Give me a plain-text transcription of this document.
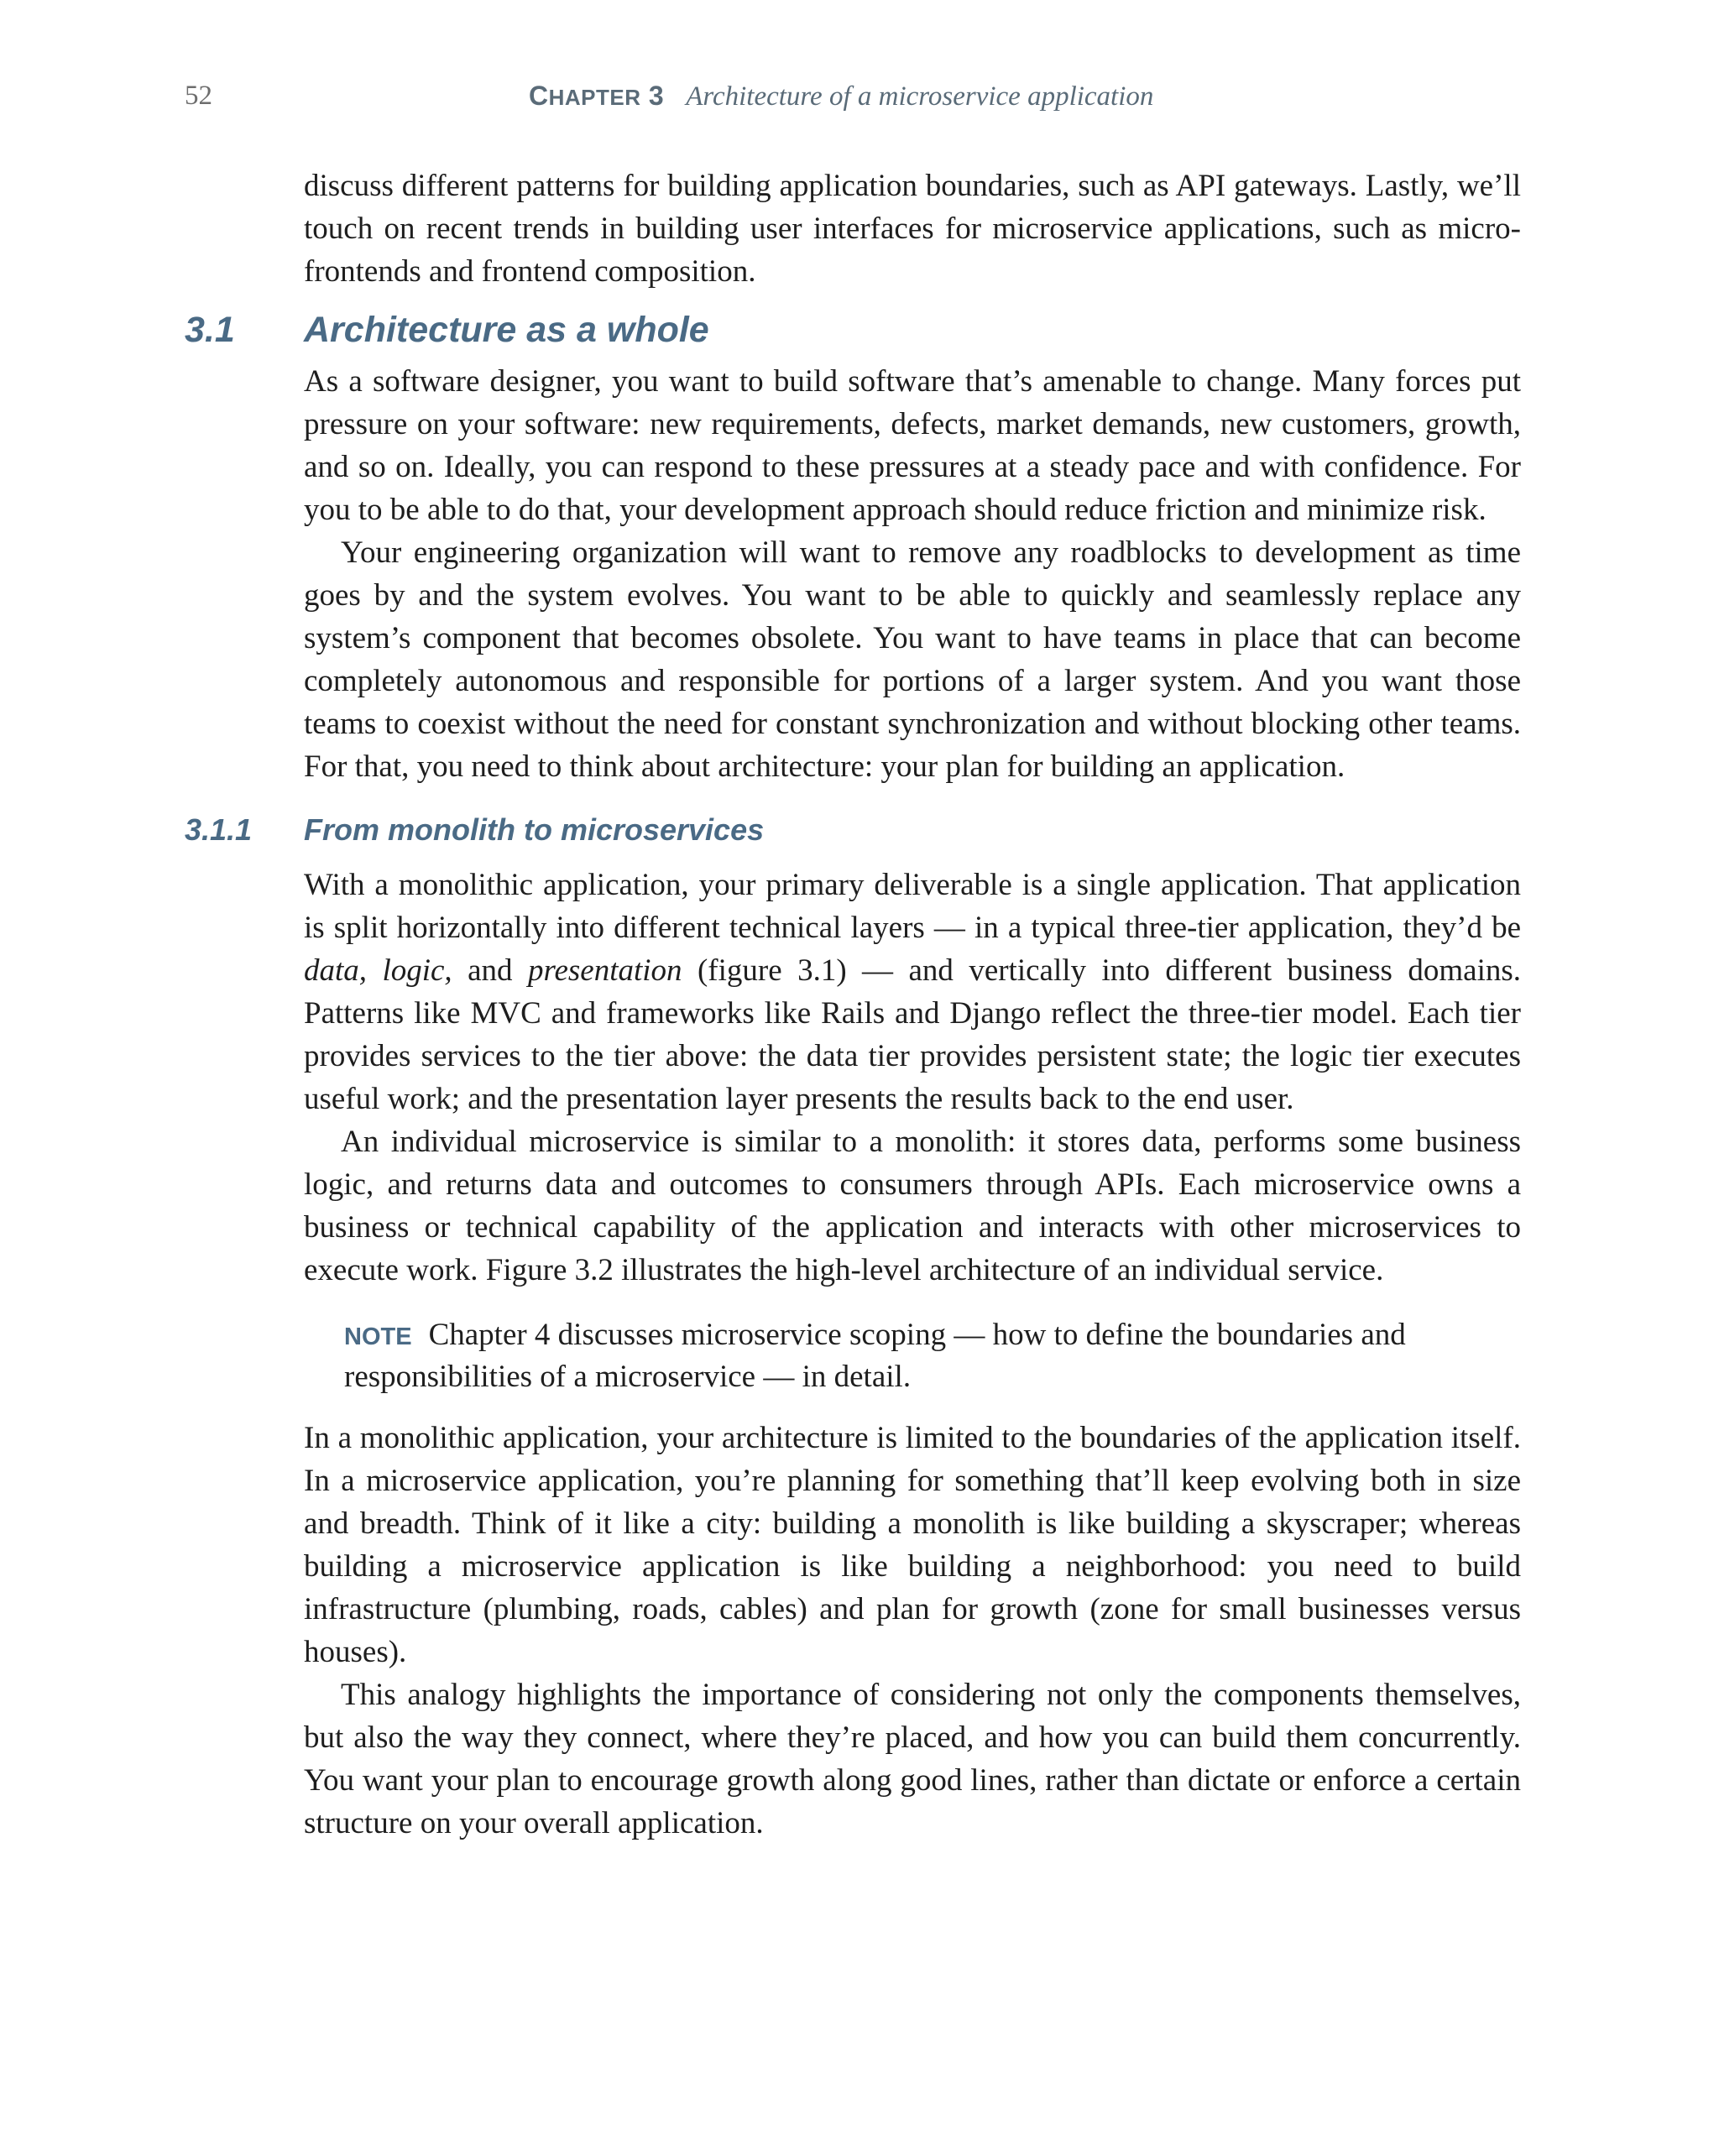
52	CHAPTER 3 Architecture of a microservice application

discuss different patterns for building application boundaries, such as API gateways. Lastly, we’ll touch on recent trends in building user interfaces for microservice applications, such as micro-frontends and frontend composition.

3.1 Architecture as a whole

As a software designer, you want to build software that’s amenable to change. Many forces put pressure on your software: new requirements, defects, market demands, new customers, growth, and so on. Ideally, you can respond to these pressures at a steady pace and with confidence. For you to be able to do that, your development approach should reduce friction and minimize risk.

Your engineering organization will want to remove any roadblocks to development as time goes by and the system evolves. You want to be able to quickly and seamlessly replace any system’s component that becomes obsolete. You want to have teams in place that can become completely autonomous and responsible for portions of a larger system. And you want those teams to coexist without the need for constant synchronization and without blocking other teams. For that, you need to think about architecture: your plan for building an application.

3.1.1 From monolith to microservices

With a monolithic application, your primary deliverable is a single application. That application is split horizontally into different technical layers — in a typical three-tier application, they’d be data, logic, and presentation (figure 3.1) — and vertically into different business domains. Patterns like MVC and frameworks like Rails and Django reflect the three-tier model. Each tier provides services to the tier above: the data tier provides persistent state; the logic tier executes useful work; and the presentation layer presents the results back to the end user.

An individual microservice is similar to a monolith: it stores data, performs some business logic, and returns data and outcomes to consumers through APIs. Each microservice owns a business or technical capability of the application and interacts with other microservices to execute work. Figure 3.2 illustrates the high-level architecture of an individual service.

NOTE Chapter 4 discusses microservice scoping — how to define the boundaries and responsibilities of a microservice — in detail.

In a monolithic application, your architecture is limited to the boundaries of the application itself. In a microservice application, you’re planning for something that’ll keep evolving both in size and breadth. Think of it like a city: building a monolith is like building a skyscraper; whereas building a microservice application is like building a neighborhood: you need to build infrastructure (plumbing, roads, cables) and plan for growth (zone for small businesses versus houses).

This analogy highlights the importance of considering not only the components themselves, but also the way they connect, where they’re placed, and how you can build them concurrently. You want your plan to encourage growth along good lines, rather than dictate or enforce a certain structure on your overall application.
